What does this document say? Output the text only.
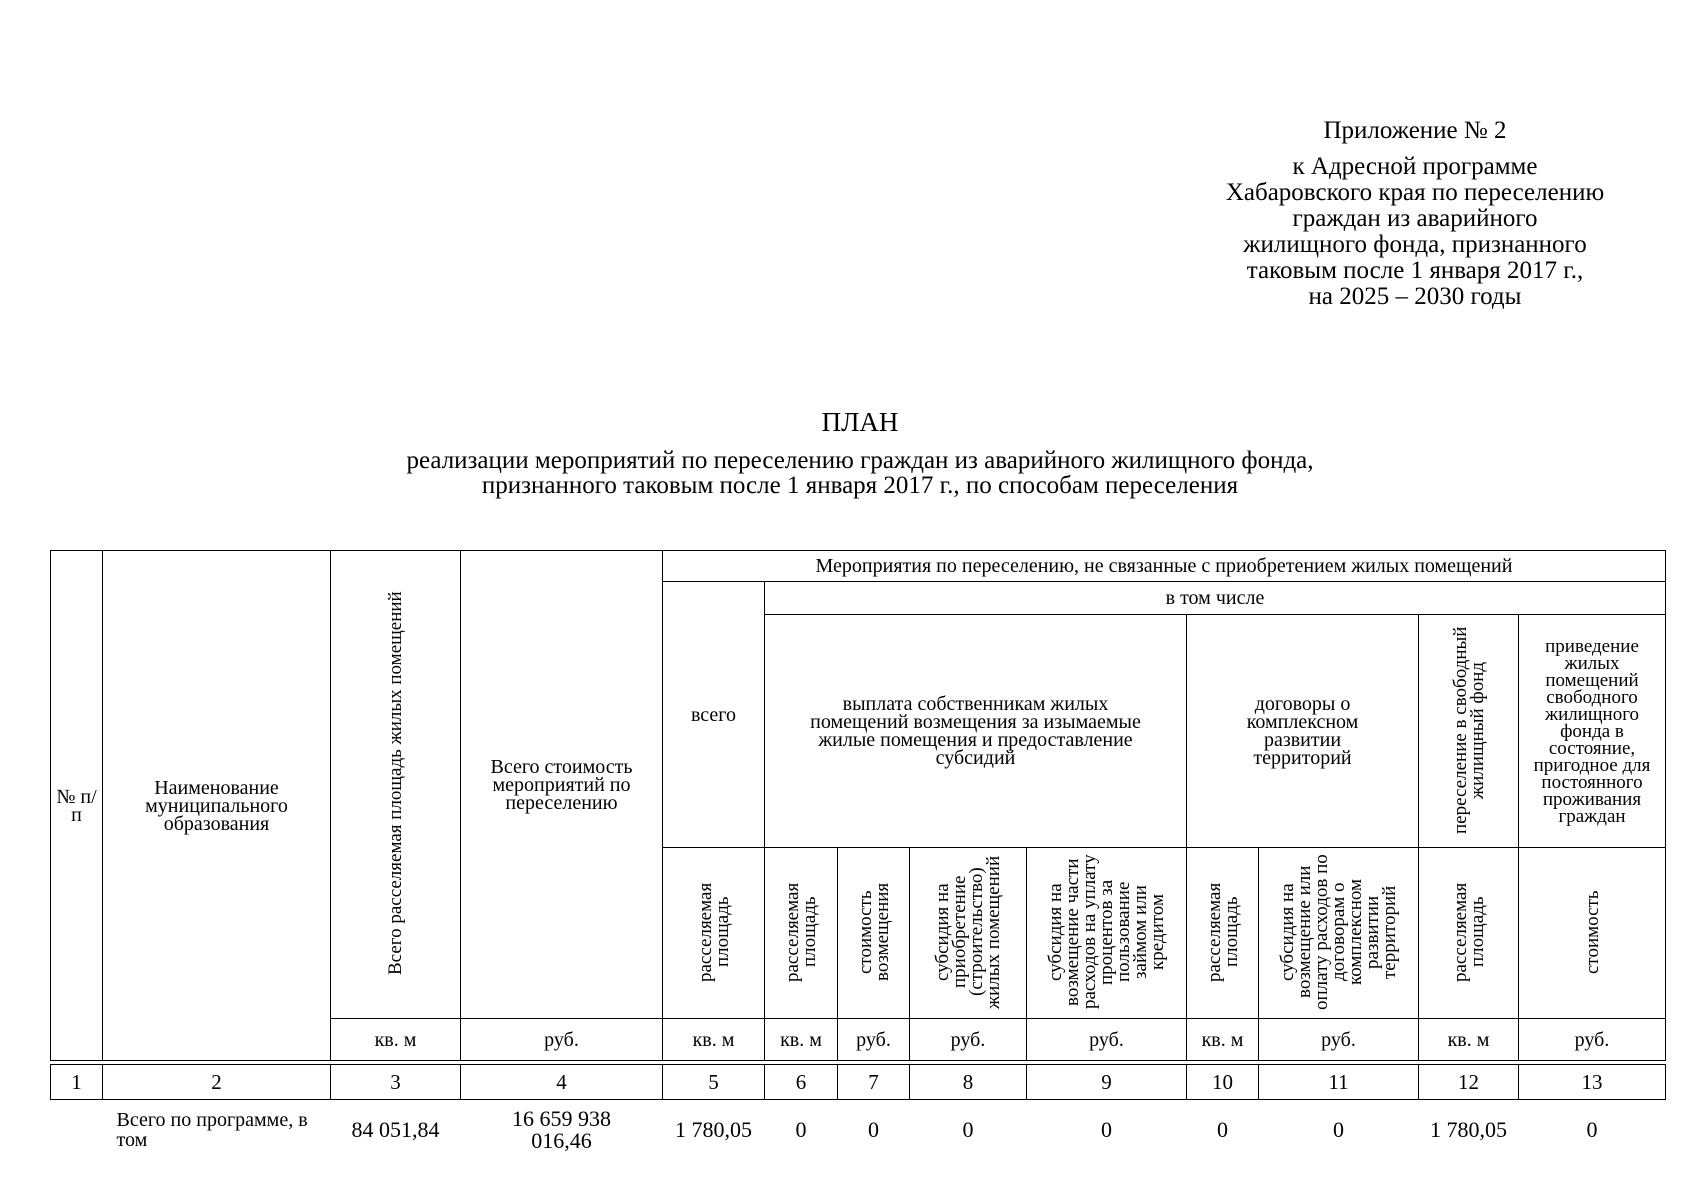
Приложение № 2
к Адресной программе
Хабаровского края по переселению
граждан из аварийного
жилищного фонда, признанного
таковым после 1 января 2017 г.,
на 2025 – 2030 годы
ПЛАН
реализации мероприятий по переселению граждан из аварийного жилищного фонда,
признанного таковым после 1 января 2017 г., по способам переселения
№ п/п	Наименование муниципального образования	Всего расселяемая площадь жилых помещений	Всего стоимость мероприятий по переселению	Мероприятия по переселению, не связанные с приобретением жилых помещений								
				всего	в том числе							
					выплата собственникам жилых помещений возмещения за изымаемые жилые помещения и предоставление субсидий				договоры о комплексном развитии территорий		переселение в свободный жилищный фонд	приведение жилых помещений свободного жилищного фонда в состояние, пригодное для постоянного проживания граждан
				расселяемая площадь	расселяемая площадь	стоимость возмещения	субсидия на приобретение (строительство) жилых помещений	субсидия на возмещение части расходов на уплату процентов за пользование займом или кредитом	расселяемая площадь	субсидия на возмещение или оплату расходов по договорам о комплексном развитии территорий	расселяемая площадь	стоимость
		кв. м	руб.	кв. м	кв. м	руб.	руб.	руб.	кв. м	руб.	кв. м	руб.

1	2	3	4	5	6	7	8	9	10	11	12	13
	Всего по программе, в том	84 051,84	16 659 938 016,46	1 780,05	0	0	0	0	0	0	1 780,05	0
